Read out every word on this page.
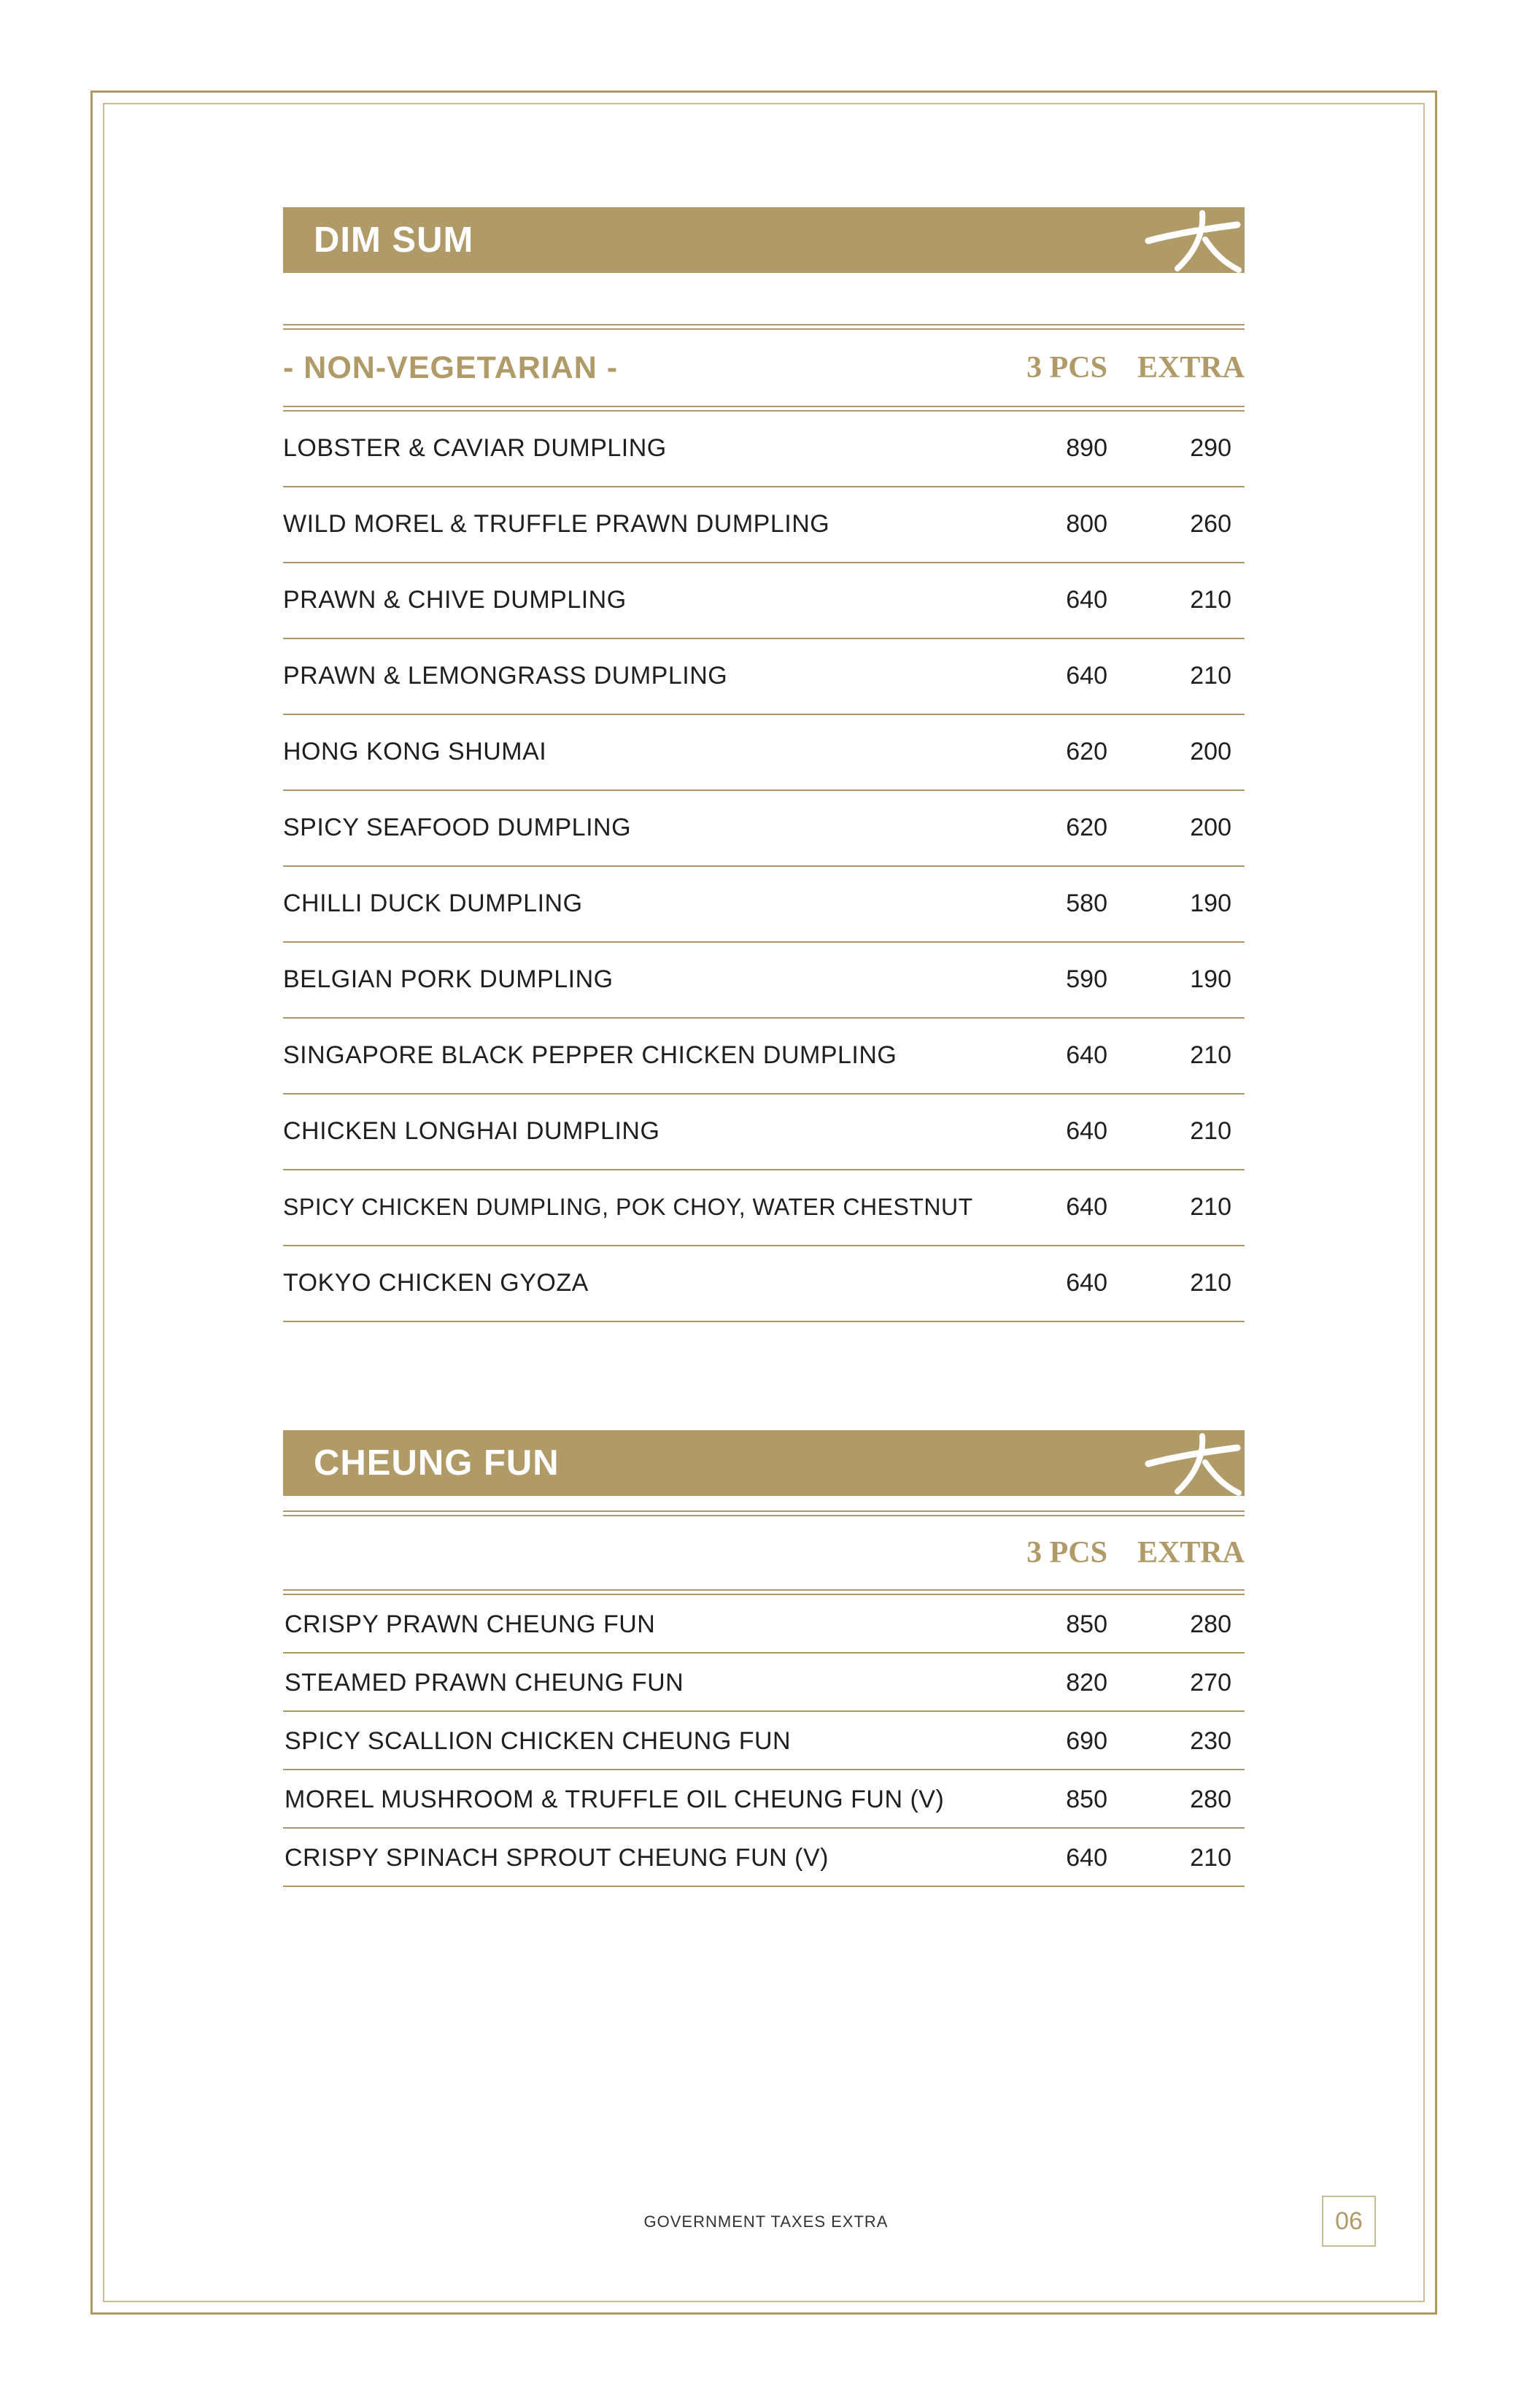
DIM SUM
- NON-VEGETARIAN -	3 PCS EXTRA
LOBSTER & CAVIAR DUMPLING	890	290
WILD MOREL & TRUFFLE PRAWN DUMPLING	800	260
PRAWN & CHIVE DUMPLING	640	210
PRAWN & LEMONGRASS DUMPLING	640	210
HONG KONG SHUMAI	620	200
SPICY SEAFOOD DUMPLING	620	200
CHILLI DUCK DUMPLING	580	190
BELGIAN PORK DUMPLING	590	190
SINGAPORE BLACK PEPPER CHICKEN DUMPLING	640	210
CHICKEN LONGHAI DUMPLING	640	210
SPICY CHICKEN DUMPLING, POK CHOY, WATER CHESTNUT	640	210
TOKYO CHICKEN GYOZA	640	210
CHEUNG FUN
3 PCS EXTRA
CRISPY PRAWN CHEUNG FUN	850	280
STEAMED PRAWN CHEUNG FUN	820	270
SPICY SCALLION CHICKEN CHEUNG FUN	690	230
MOREL MUSHROOM & TRUFFLE OIL CHEUNG FUN (V)	850	280
CRISPY SPINACH SPROUT CHEUNG FUN (V)	640	210
GOVERNMENT TAXES EXTRA	06
